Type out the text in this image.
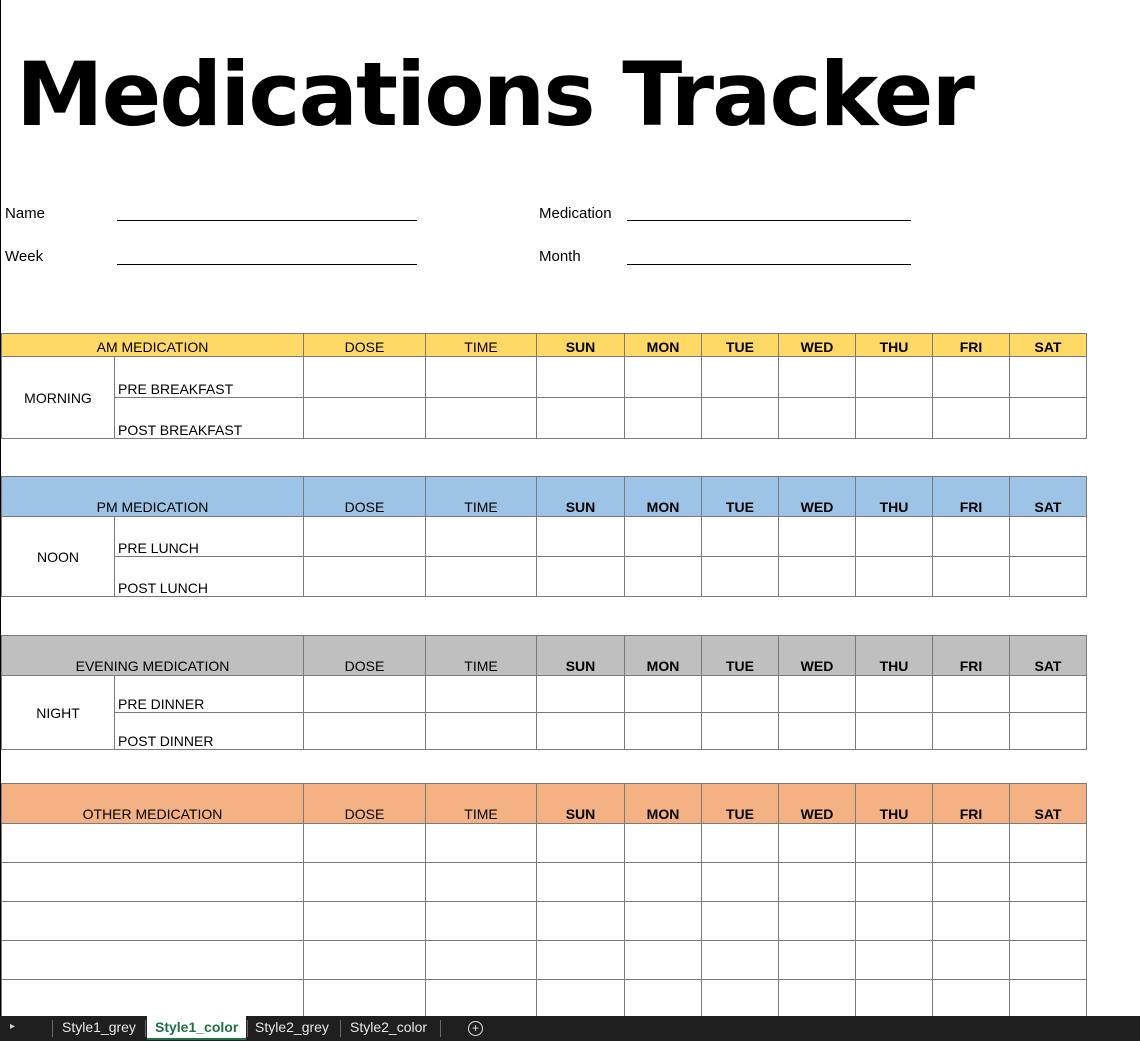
Medications Tracker
Name
Week
Medication
Month
AM MEDICATION		DOSE	TIME	SUN	MON	TUE	WED	THU	FRI	SAT
MORNING	PRE BREAKFAST									
	POST BREAKFAST									
PM MEDICATION		DOSE	TIME	SUN	MON	TUE	WED	THU	FRI	SAT
NOON	PRE LUNCH									
	POST LUNCH									
EVENING MEDICATION		DOSE	TIME	SUN	MON	TUE	WED	THU	FRI	SAT
NIGHT	PRE DINNER									
	POST DINNER									
OTHER MEDICATION	DOSE	TIME	SUN	MON	TUE	WED	THU	FRI	SAT

▸	Style1_grey	Style1_color	Style2_grey	Style2_color	+
